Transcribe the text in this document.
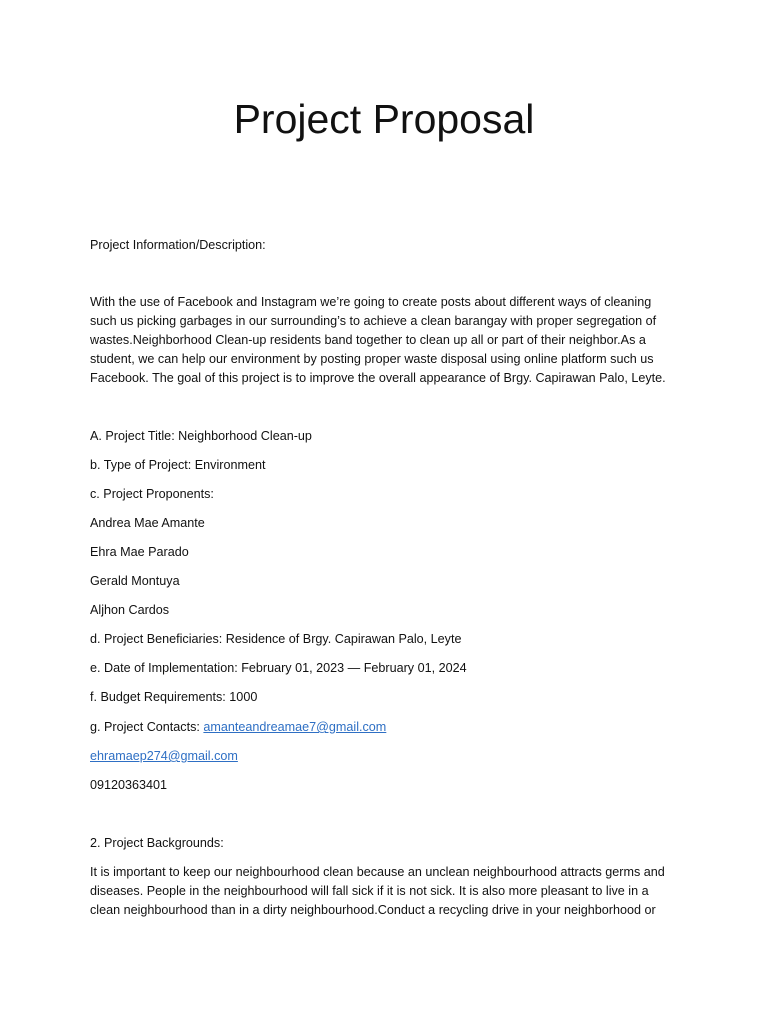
Project Proposal
Project Information/Description:
With the use of Facebook and Instagram we’re going to create posts about different ways of cleaning
such us picking garbages in our surrounding’s to achieve a clean barangay with proper segregation of
wastes.Neighborhood Clean-up residents band together to clean up all or part of their neighbor.As a
student, we can help our environment by posting proper waste disposal using online platform such us
Facebook. The goal of this project is to improve the overall appearance of Brgy. Capirawan Palo, Leyte.
A. Project Title: Neighborhood Clean-up
b. Type of Project: Environment
c. Project Proponents:
Andrea Mae Amante
Ehra Mae Parado
Gerald Montuya
Aljhon Cardos
d. Project Beneficiaries: Residence of Brgy. Capirawan Palo, Leyte
e. Date of Implementation: February 01, 2023 — February 01, 2024
f. Budget Requirements: 1000
g. Project Contacts: amanteandreamae7@gmail.com
ehramaep274@gmail.com
09120363401
2. Project Backgrounds:
It is important to keep our neighbourhood clean because an unclean neighbourhood attracts germs and
diseases. People in the neighbourhood will fall sick if it is not sick. It is also more pleasant to live in a
clean neighbourhood than in a dirty neighbourhood.Conduct a recycling drive in your neighborhood or
